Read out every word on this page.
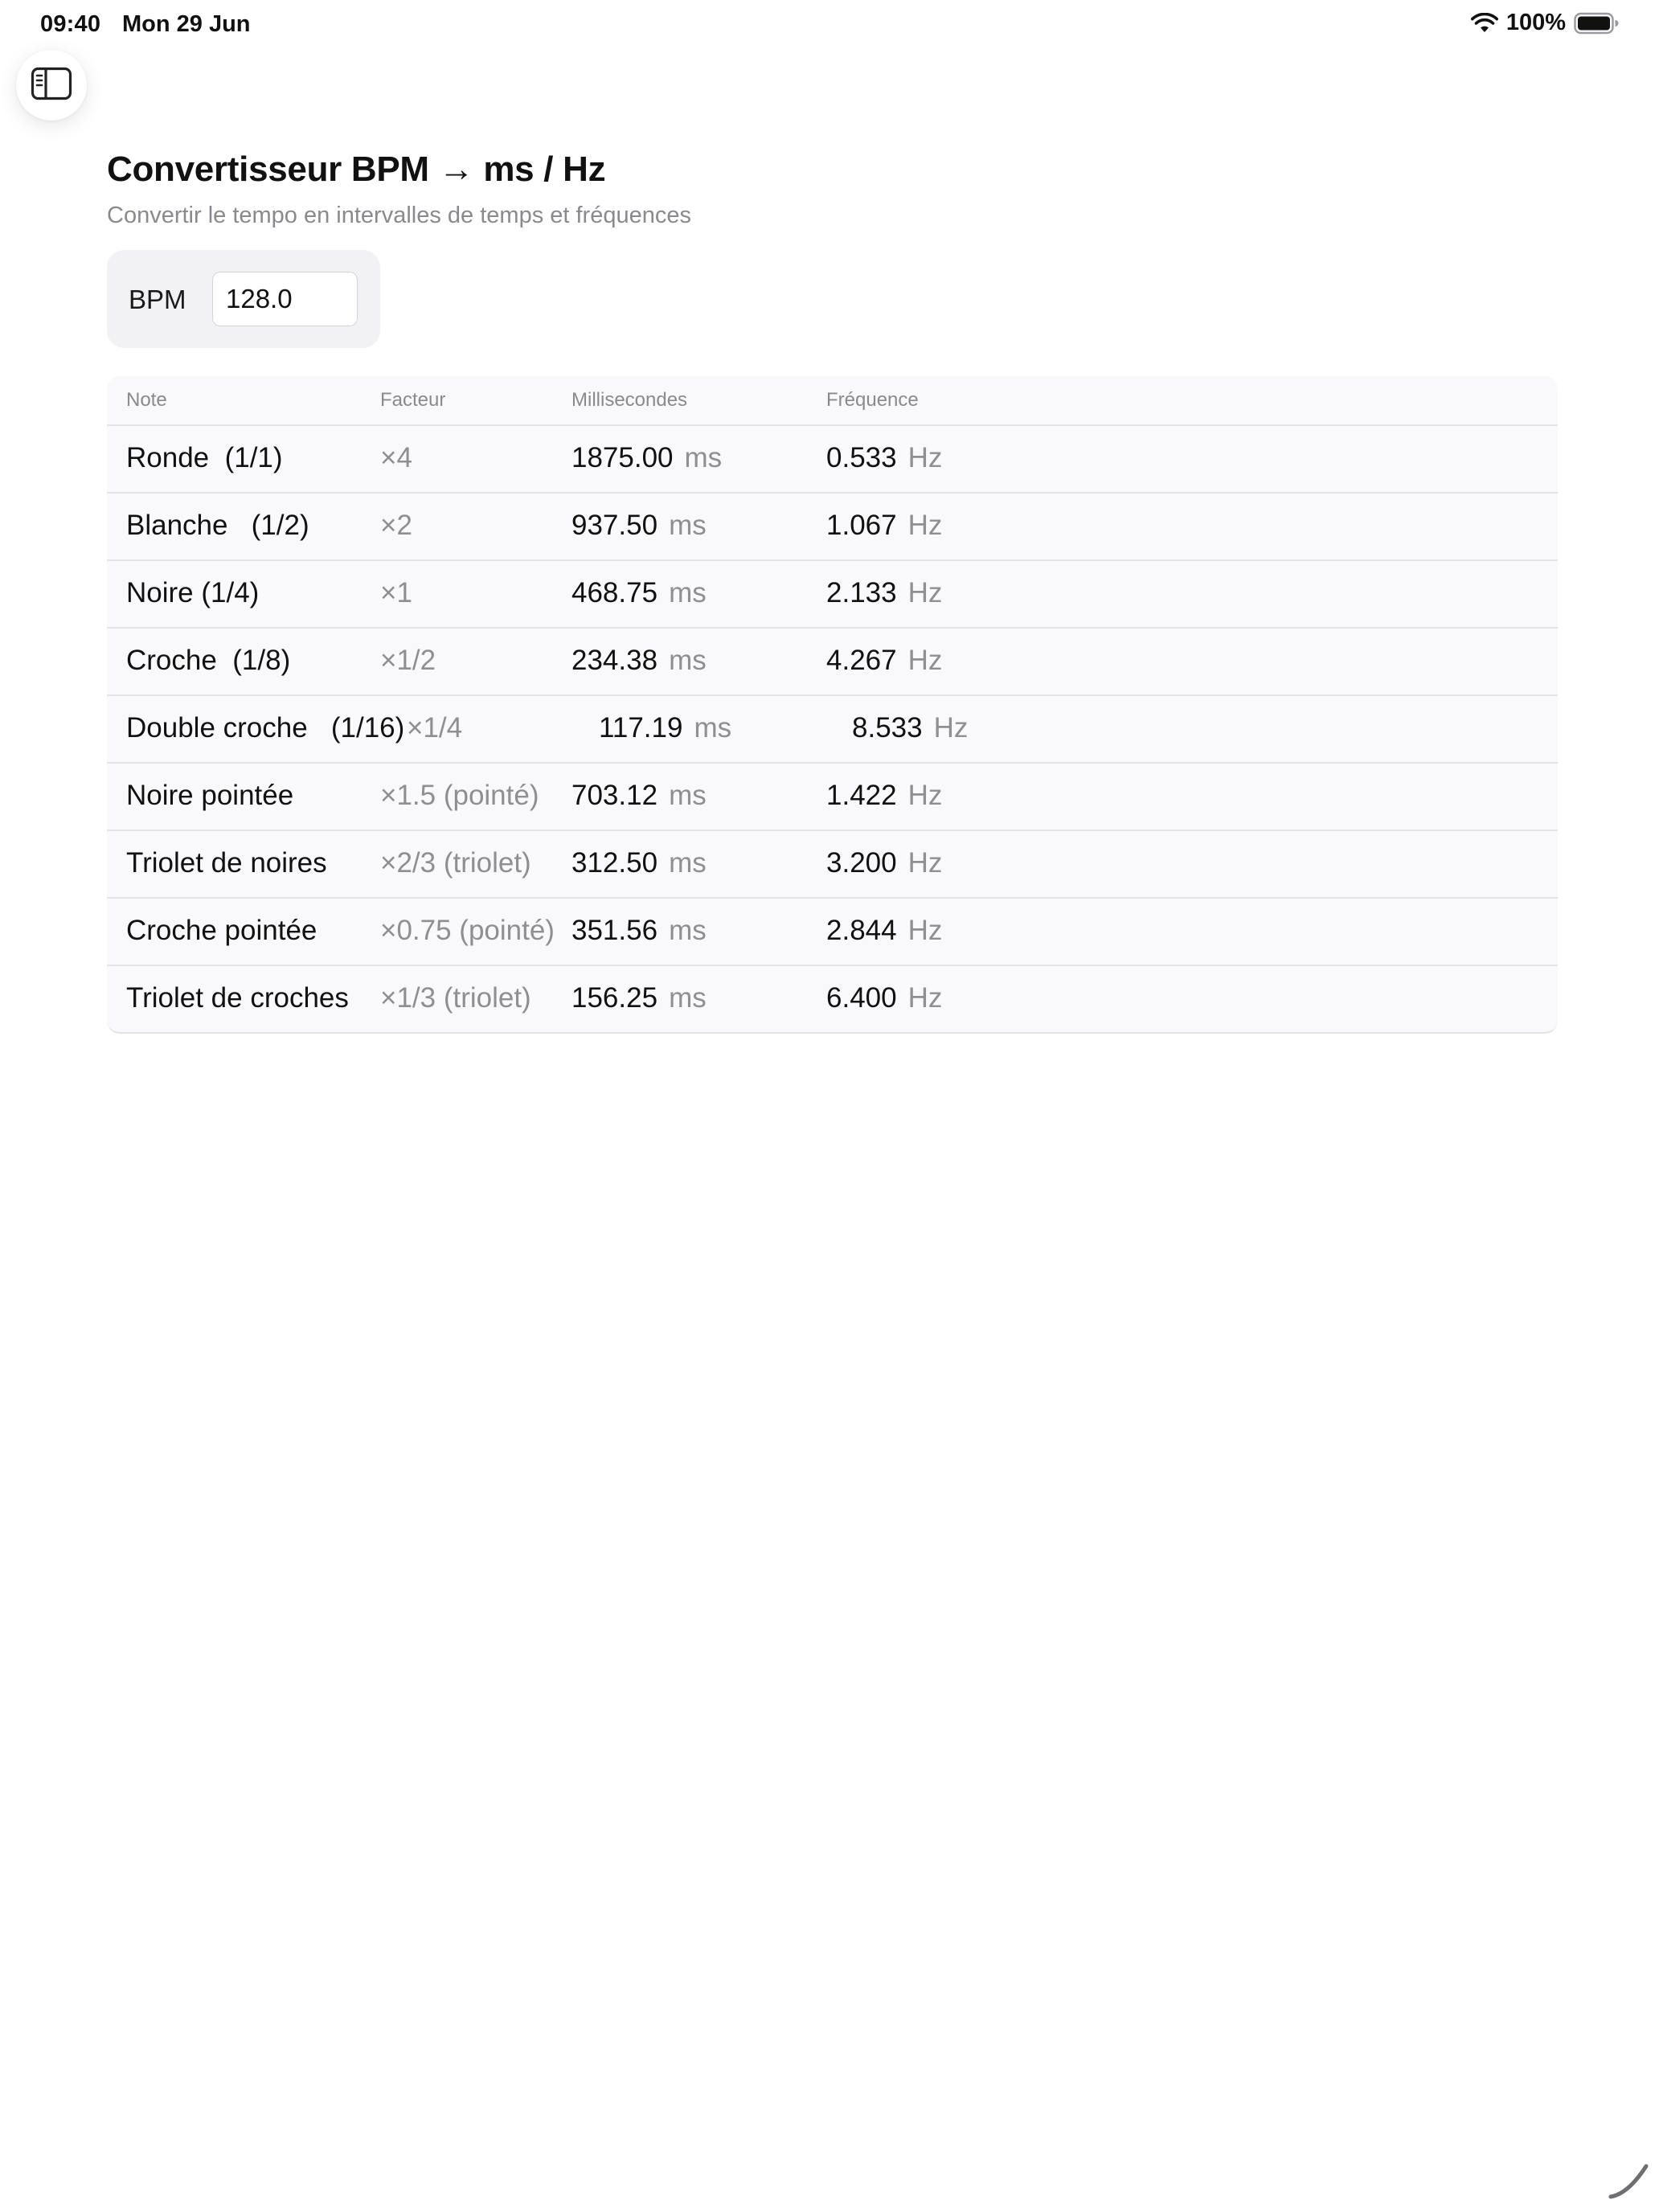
09:40 Mon 29 Jun	100%
Convertisseur BPM → ms / Hz
Convertir le tempo en intervalles de temps et fréquences
BPM
128.0
Note	Facteur	Millisecondes	Fréquence
Ronde  (1/1)	×4	1875.00 ms	0.533 Hz
Blanche   (1/2)	×2	937.50 ms	1.067 Hz
Noire (1/4)	×1	468.75 ms	2.133 Hz
Croche  (1/8)	×1/2	234.38 ms	4.267 Hz
Double croche   (1/16) ×1/4	117.19 ms	8.533 Hz
Noire pointée	×1.5 (pointé) 703.12 ms	1.422 Hz
Triolet de noires ×2/3 (triolet) 312.50 ms	3.200 Hz
Croche pointée ×0.75 (pointé) 351.56 ms	2.844 Hz
Triolet de croches ×1/3 (triolet) 156.25 ms	6.400 Hz
